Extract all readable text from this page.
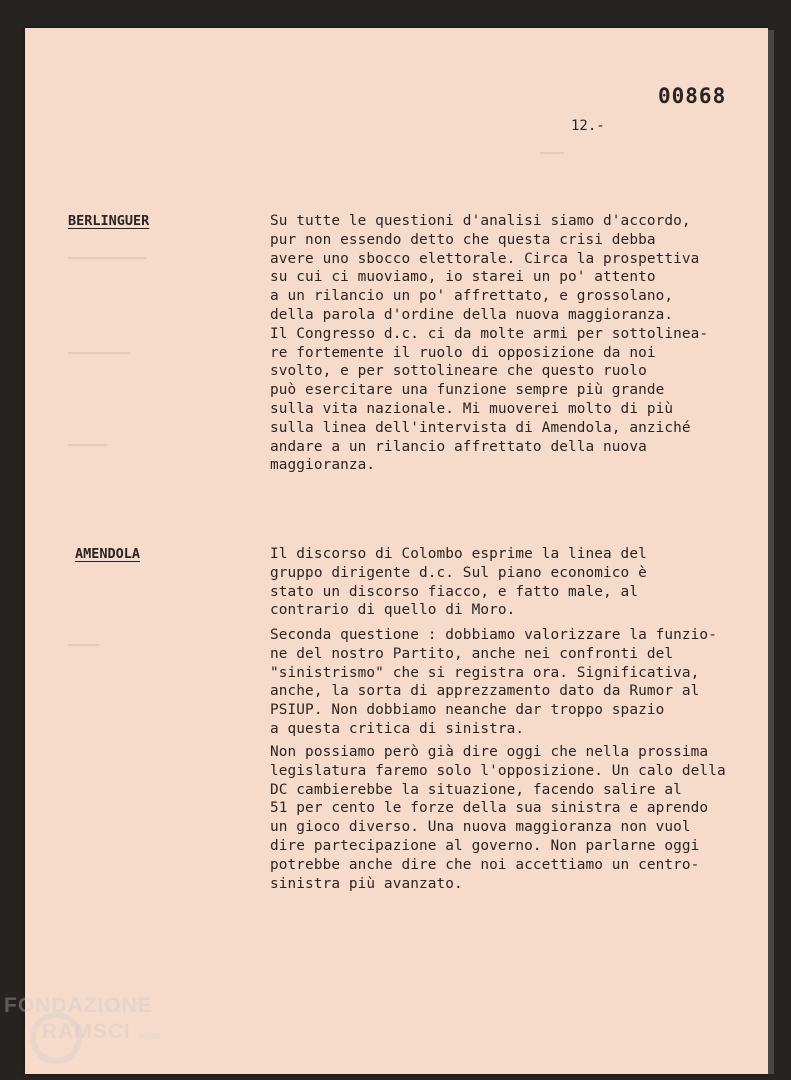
▁▁▁▁▁▁▁▁▁▁
▁▁▁▁▁▁▁▁
▁▁▁▁▁
▁▁▁▁
▁▁▁
00868
12.-
BERLINGUER	Su tutte le questioni d'analisi siamo d'accordo,
pur non essendo detto che questa crisi debba
avere uno sbocco elettorale. Circa la prospettiva
su cui ci muoviamo, io starei un po' attento
a un rilancio un po' affrettato, e grossolano,
della parola d'ordine della nuova maggioranza.
Il Congresso d.c. ci da molte armi per sottolinea-
re fortemente il ruolo di opposizione da noi
svolto, e per sottolineare che questo ruolo
può esercitare una funzione sempre più grande
sulla vita nazionale. Mi muoverei molto di più
sulla linea dell'intervista di Amendola, anziché
andare a un rilancio affrettato della nuova
maggioranza.

AMENDOLA	Il discorso di Colombo esprime la linea del
gruppo dirigente d.c. Sul piano economico è
stato un discorso fiacco, e fatto male, al
contrario di quello di Moro.

Seconda questione : dobbiamo valorizzare la funzio-
ne del nostro Partito, anche nei confronti del
"sinistrismo" che si registra ora. Significativa,
anche, la sorta di apprezzamento dato da Rumor al
PSIUP. Non dobbiamo neanche dar troppo spazio
a questa critica di sinistra.

Non possiamo però già dire oggi che nella prossima
legislatura faremo solo l'opposizione. Un calo della
DC cambierebbe la situazione, facendo salire al
51 per cento le forze della sua sinistra e aprendo
un gioco diverso. Una nuova maggioranza non vuol
dire partecipazione al governo. Non parlarne oggi
potrebbe anche dire che noi accettiamo un centro-
sinistra più avanzato.

FONDAZIONE
RAMSCI onlus
